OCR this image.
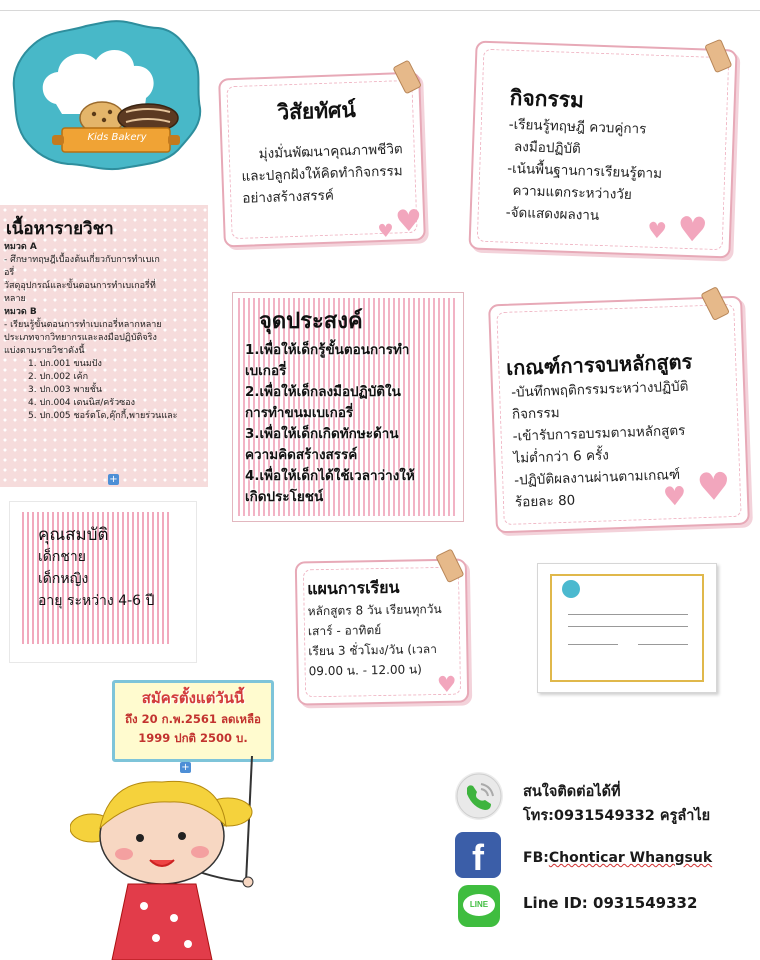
Kids Bakery
วิสัยทัศน์

มุ่งมั่นพัฒนาคุณภาพชีวิต

และปลูกฝังให้คิดทำกิจกรรม

อย่างสร้างสรรค์

♥
♥
กิจกรรม

-เรียนรู้ทฤษฎี ควบคู่การ

ลงมือปฏิบัติ

-เน้นพื้นฐานการเรียนรู้ตาม

ความแตกระหว่างวัย

-จัดแสดงผลงาน	♥
♥
เนื้อหารายวิชา
หมวด A
- ศึกษาทฤษฎีเบื้องต้นเกี่ยวกับการทำเบเก
อรี่
วัสดุอุปกรณ์และขั้นตอนการทำเบเกอรี่ที่
หลาย
หมวด B
- เรียนรู้ขั้นตอนการทำเบเกอรี่หลากหลาย
ประเภทจากวิทยากรและลงมือปฏิบัติจริง
แบ่งตามรายวิชาดังนี้
1. ปก.001 ขนมปัง
2. ปก.002 เค้ก
3. ปก.003 พายชั้น
4. ปก.004 เดนนิส/ครัวซอง
5. ปก.005 ชอร์ตโด,คุ๊กกี้,พายร่วนและ
+
จุดประสงค์
1.เพื่อให้เด็กรู้ขั้นตอนการทำ
เบเกอรี่
2.เพื่อให้เด็กลงมือปฏิบัติใน
การทำขนมเบเกอรี่
3.เพื่อให้เด็กเกิดทักษะด้าน
ความคิดสร้างสรรค์
4.เพื่อให้เด็กได้ใช้เวลาว่างให้
เกิดประโยชน์
เกณฑ์การจบหลักสูตร

-บันทึกพฤติกรรมระหว่างปฏิบัติ

กิจกรรม

-เข้ารับการอบรมตามหลักสูตร

ไม่ต่ำกว่า 6 ครั้ง

-ปฏิบัติผลงานผ่านตามเกณฑ์

ร้อยละ 80	♥
♥
คุณสมบัติ
เด็กชาย
เด็กหญิง
อายุ ระหว่าง 4-6 ปี
แผนการเรียน

หลักสูตร 8 วัน เรียนทุกวัน

เสาร์ - อาทิตย์

เรียน 3 ชั่วโมง/วัน (เวลา

09.00 น. - 12.00 น)

♥
สมัครตั้งแต่วันนี้
ถึง 20 ก.พ.2561 ลดเหลือ
1999 ปกติ 2500 บ.
+
สนใจติดต่อได้ที่
โทร:0931549332 ครูลำไย
f	FB:Chonticar Whangsuk
LINE	Line ID: 0931549332
